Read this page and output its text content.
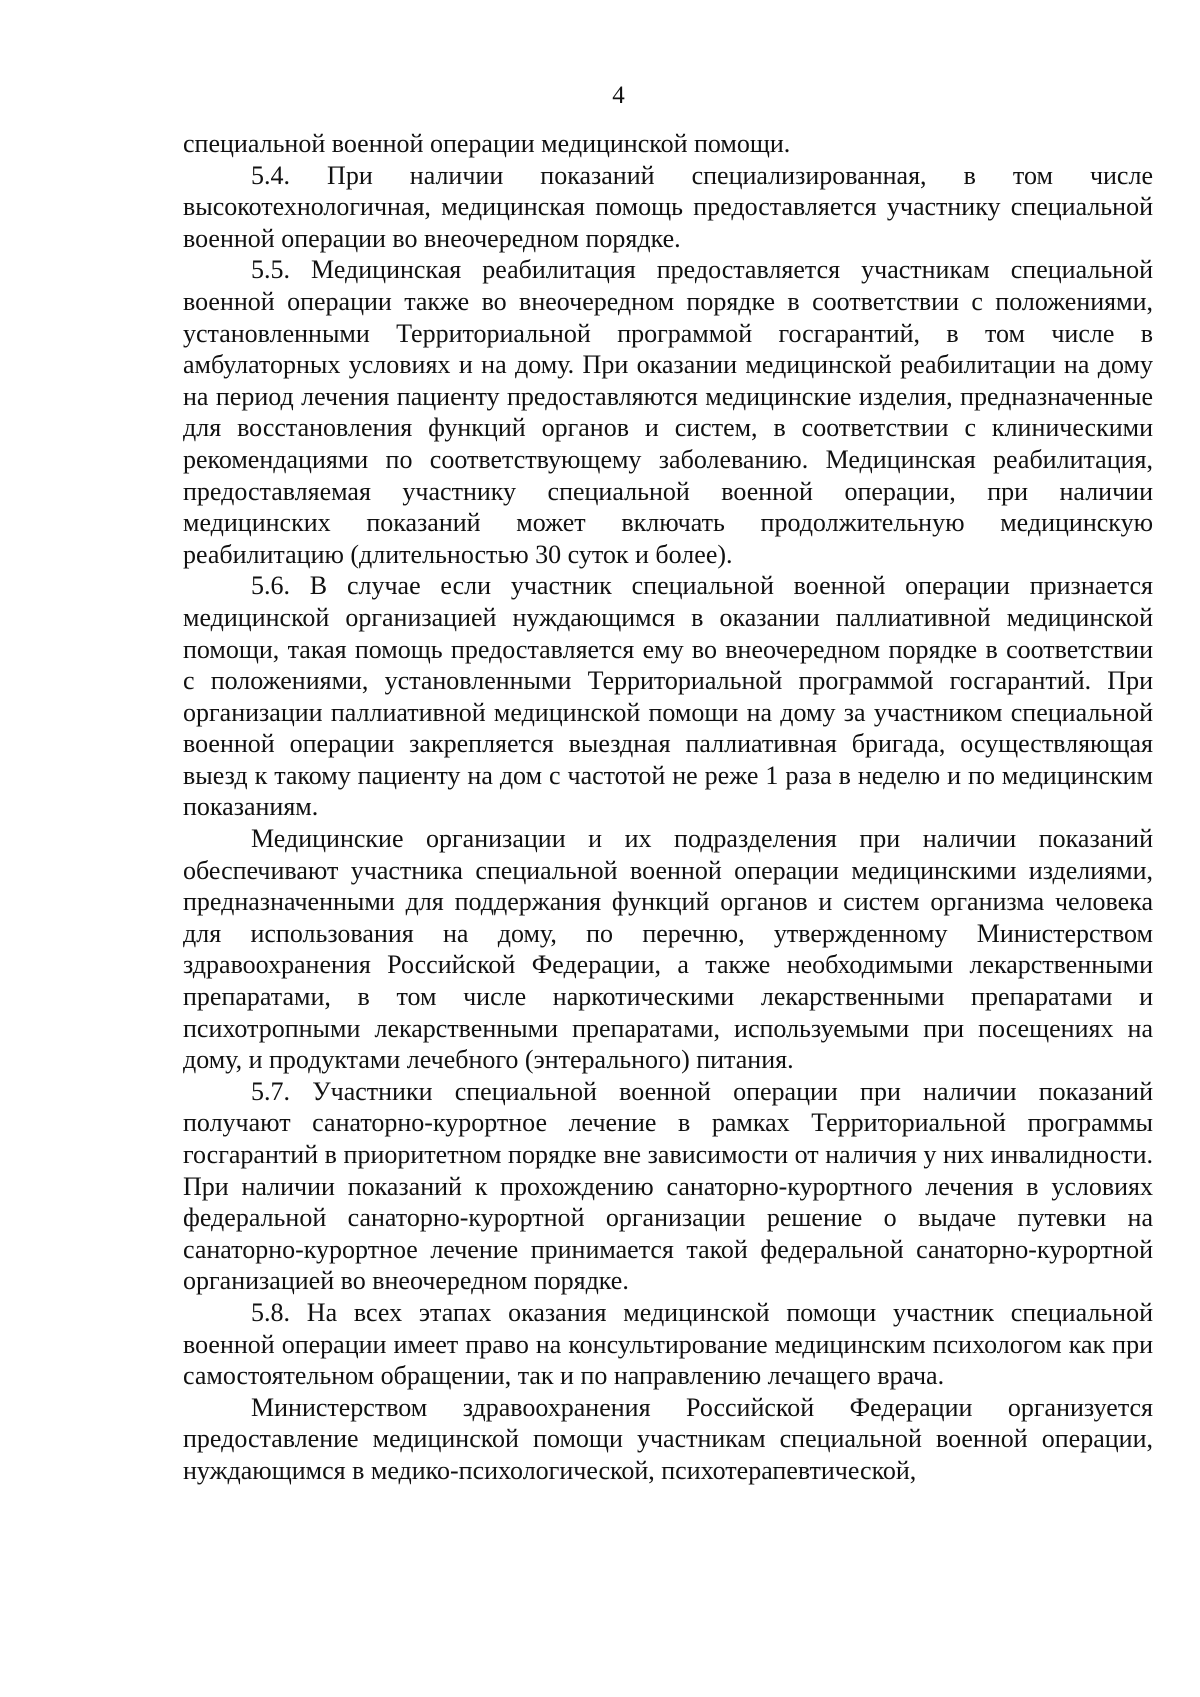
4

специальной военной операции медицинской помощи.

5.4. При наличии показаний специализированная, в том числе высокотехнологичная, медицинская помощь предоставляется участнику специальной военной операции во внеочередном порядке.

5.5. Медицинская реабилитация предоставляется участникам специальной военной операции также во внеочередном порядке в соответствии с положениями, установленными Территориальной программой госгарантий, в том числе в амбулаторных условиях и на дому. При оказании медицинской реабилитации на дому на период лечения пациенту предоставляются медицинские изделия, предназначенные для восстановления функций органов и систем, в соответствии с клиническими рекомендациями по соответствующему заболеванию. Медицинская реабилитация, предоставляемая участнику специальной военной операции, при наличии медицинских показаний может включать продолжительную медицинскую реабилитацию (длительностью 30 суток и более).

5.6. В случае если участник специальной военной операции признается медицинской организацией нуждающимся в оказании паллиативной медицинской помощи, такая помощь предоставляется ему во внеочередном порядке в соответствии с положениями, установленными Территориальной программой госгарантий. При организации паллиативной медицинской помощи на дому за участником специальной военной операции закрепляется выездная паллиативная бригада, осуществляющая выезд к такому пациенту на дом с частотой не реже 1 раза в неделю и по медицинским показаниям.

Медицинские организации и их подразделения при наличии показаний обеспечивают участника специальной военной операции медицинскими изделиями, предназначенными для поддержания функций органов и систем организма человека для использования на дому, по перечню, утвержденному Министерством здравоохранения Российской Федерации, а также необходимыми лекарственными препаратами, в том числе наркотическими лекарственными препаратами и психотропными лекарственными препаратами, используемыми при посещениях на дому, и продуктами лечебного (энтерального) питания.

5.7. Участники специальной военной операции при наличии показаний получают санаторно-курортное лечение в рамках Территориальной программы госгарантий в приоритетном порядке вне зависимости от наличия у них инвалидности. При наличии показаний к прохождению санаторно-курортного лечения в условиях федеральной санаторно-курортной организации решение о выдаче путевки на санаторно-курортное лечение принимается такой федеральной санаторно-курортной организацией во внеочередном порядке.

5.8. На всех этапах оказания медицинской помощи участник специальной военной операции имеет право на консультирование медицинским психологом как при самостоятельном обращении, так и по направлению лечащего врача.

Министерством здравоохранения Российской Федерации организуется предоставление медицинской помощи участникам специальной военной операции, нуждающимся в медико-психологической, психотерапевтической,
